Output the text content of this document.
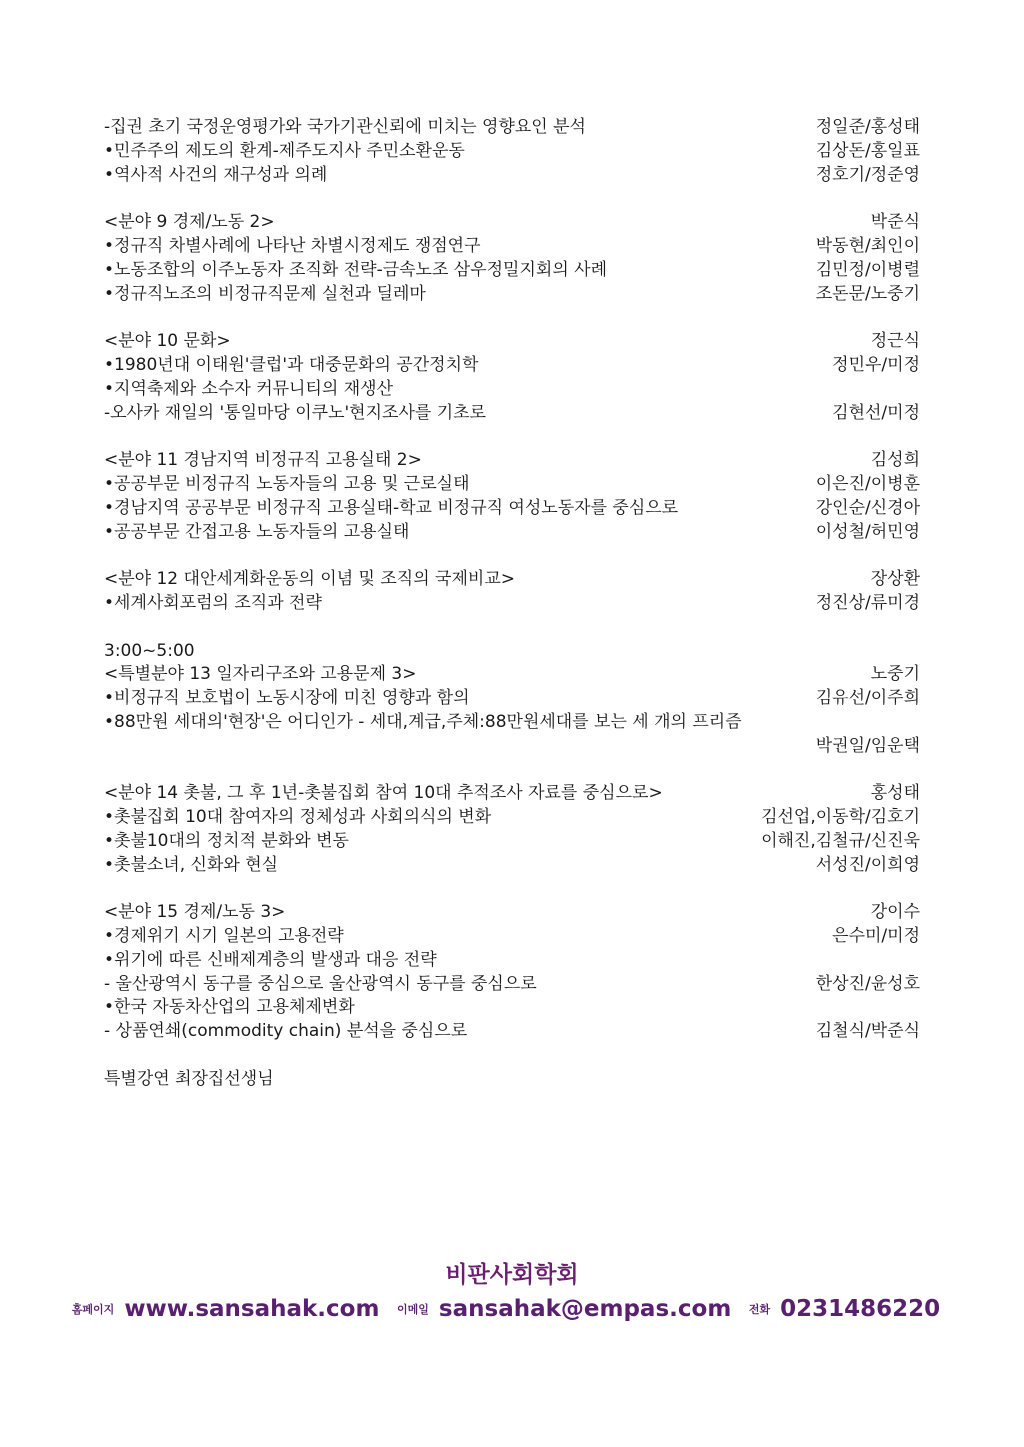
-집권 초기 국정운영평가와 국가기관신뢰에 미치는 영향요인 분석	정일준/홍성태
•민주주의 제도의 환계-제주도지사 주민소환운동	김상돈/홍일표
•역사적 사건의 재구성과 의례	정호기/정준영
<분야 9 경제/노동 2>	박준식
•정규직 차별사례에 나타난 차별시정제도 쟁점연구	박동현/최인이
•노동조합의 이주노동자 조직화 전략-금속노조 삼우정밀지회의 사례	김민정/이병렬
•정규직노조의 비정규직문제 실천과 딜레마	조돈문/노중기
<분야 10 문화>	정근식
•1980년대 이태원'클럽'과 대중문화의 공간정치학	정민우/미정
•지역축제와 소수자 커뮤니티의 재생산
-오사카 재일의 '통일마당 이쿠노'현지조사를 기초로	김현선/미정
<분야 11 경남지역 비정규직 고용실태 2>	김성희
•공공부문 비정규직 노동자들의 고용 및 근로실태	이은진/이병훈
•경남지역 공공부문 비정규직 고용실태-학교 비정규직 여성노동자를 중심으로	강인순/신경아
•공공부문 간접고용 노동자들의 고용실태	이성철/허민영
<분야 12 대안세계화운동의 이념 및 조직의 국제비교>	장상환
•세계사회포럼의 조직과 전략	정진상/류미경
3:00~5:00
<특별분야 13 일자리구조와 고용문제 3>	노중기
•비정규직 보호법이 노동시장에 미친 영향과 함의	김유선/이주희
•88만원 세대의'현장'은 어디인가 - 세대,계급,주체:88만원세대를 보는 세 개의 프리즘
박권일/임운택
<분야 14 촛불, 그 후 1년-촛불집회 참여 10대 추적조사 자료를 중심으로>	홍성태
•촛불집회 10대 참여자의 정체성과 사회의식의 변화	김선업,이동학/김호기
•촛불10대의 정치적 분화와 변동	이해진,김철규/신진욱
•촛불소녀, 신화와 현실	서성진/이희영
<분야 15 경제/노동 3>	강이수
•경제위기 시기 일본의 고용전략	은수미/미정
•위기에 따른 신배제계층의 발생과 대응 전략
- 울산광역시 동구를 중심으로 울산광역시 동구를 중심으로	한상진/윤성호
•한국 자동차산업의 고용체제변화
- 상품연쇄(commodity chain) 분석을 중심으로	김철식/박준식
특별강연 최장집선생님
비판사회학회
홈페이지 www.sansahak.com 이메일 sansahak@empas.com 전화 0231486220
